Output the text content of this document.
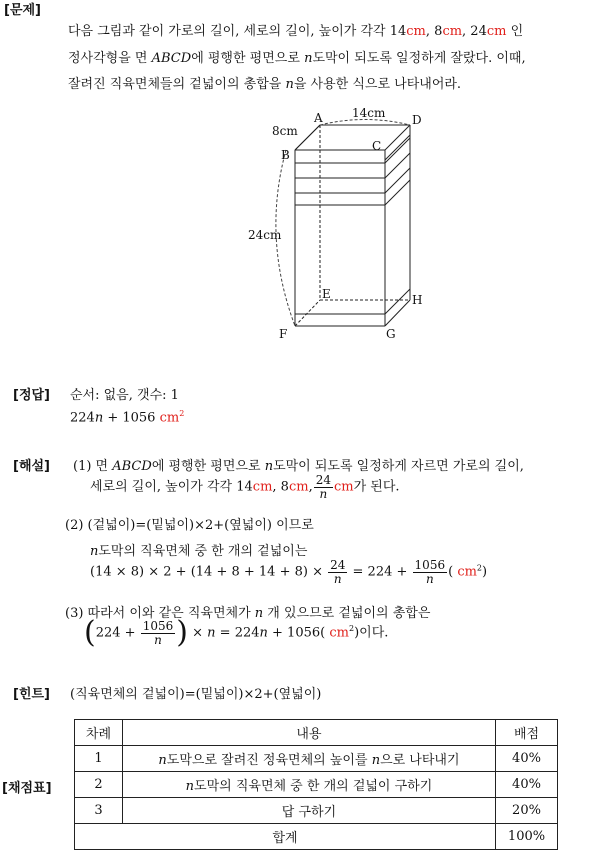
[문제]
다음 그림과 같이 가로의 길이, 세로의 길이, 높이가 각각 14cm, 8cm, 24cm 인
정사각형을 면 ABCD에 평행한 평면으로 n도막이 되도록 일정하게 잘랐다. 이때,
잘려진 직육면체들의 겉넓이의 총합을 n을 사용한 식으로 나타내어라.
A
B
C
D
E
F	G
H
14cm
8cm
24cm
[정답] 순서: 없음, 갯수: 1
224n + 1056 $cm^2$
[해설] (1) 면 ABCD에 평행한 평면으로 n도막이 되도록 일정하게 자르면 가로의 길이,
세로의 길이, 높이가 각각 14cm, 8cm, $\frac{24}{n}$ cm가 된다.
(2) (겉넓이)=(밑넓이)×2+(옆넓이) 이므로
n도막의 직육면체 중 한 개의 겉넓이는
$(14 \times 8) \times 2 + (14 + 8 + 14 + 8) \times \frac{24}{n} = 224 + \frac{1056}{n}$ ( $cm^2$)
(3) 따라서 이와 같은 직육면체가 n 개 있으므로 겉넓이의 총합은
($224 + \frac{1056}{n}$ ) × n = 224n + 1056( $cm^2$)이다.
[힌트] (직육면체의 겉넓이)=(밑넓이)×2+(옆넓이)
[채점표]
차례	내용	배점
1	n도막으로 잘려진 정육면체의 높이를 n으로 나타내기	40%
2	n도막의 직육면체 중 한 개의 겉넓이 구하기	40%
3	답 구하기	20%
합계		100%
